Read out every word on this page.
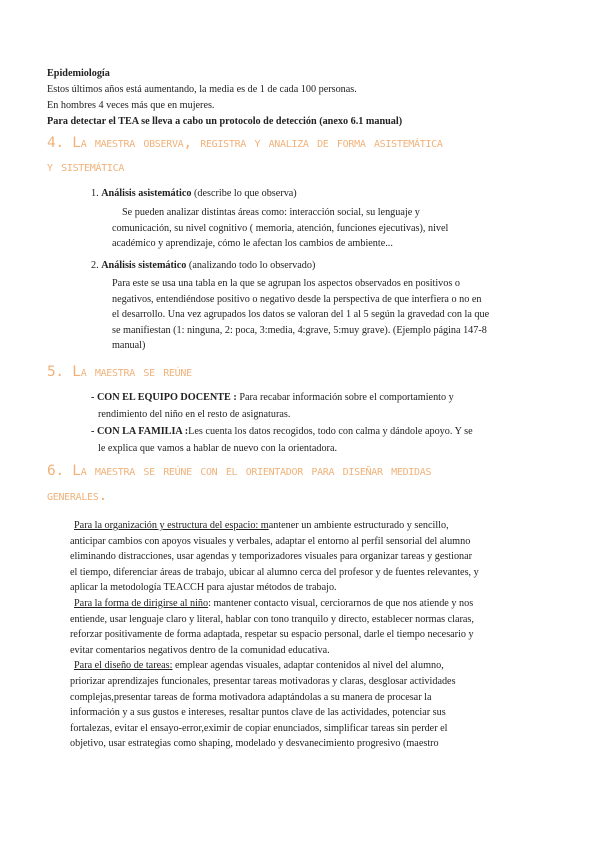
Epidemiología
Estos últimos años está aumentando, la media es de 1 de cada 100 personas.
En hombres 4 veces más que en mujeres.
Para detectar el TEA se lleva a cabo un protocolo de detección (anexo 6.1 manual)
4. La maestra observa, registra y analiza de forma asistemática
y sistemática
1. Análisis asistemático (describe lo que observa)
Se pueden analizar distintas áreas como: interacción social, su lenguaje y
comunicación, su nivel cognitivo ( memoria, atención, funciones ejecutivas), nivel
académico y aprendizaje, cómo le afectan los cambios de ambiente...
2. Análisis sistemático (analizando todo lo observado)
Para este se usa una tabla en la que se agrupan los aspectos observados en positivos o
negativos, entendiéndose positivo o negativo desde la perspectiva de que interfiera o no en
el desarrollo. Una vez agrupados los datos se valoran del 1 al 5 según la gravedad con la que
se manifiestan (1: ninguna, 2: poca, 3:media, 4:grave, 5:muy grave). (Ejemplo página 147-8
manual)
5. La maestra se reúne
- CON EL EQUIPO DOCENTE : Para recabar información sobre el comportamiento y
rendimiento del niño en el resto de asignaturas.
- CON LA FAMILIA :Les cuenta los datos recogidos, todo con calma y dándole apoyo. Y se
le explica que vamos a hablar de nuevo con la orientadora.
6. La maestra se reúne con el orientador para diseñar medidas
generales.
Para la organización y estructura del espacio: mantener un ambiente estructurado y sencillo,
anticipar cambios con apoyos visuales y verbales, adaptar el entorno al perfil sensorial del alumno
eliminando distracciones, usar agendas y temporizadores visuales para organizar tareas y gestionar
el tiempo, diferenciar áreas de trabajo, ubicar al alumno cerca del profesor y de fuentes relevantes, y
aplicar la metodología TEACCH para ajustar métodos de trabajo.
Para la forma de dirigirse al niño: mantener contacto visual, cerciorarnos de que nos atiende y nos
entiende, usar lenguaje claro y literal, hablar con tono tranquilo y directo, establecer normas claras,
reforzar positivamente de forma adaptada, respetar su espacio personal, darle el tiempo necesario y
evitar comentarios negativos dentro de la comunidad educativa.
Para el diseño de tareas: emplear agendas visuales, adaptar contenidos al nivel del alumno,
priorizar aprendizajes funcionales, presentar tareas motivadoras y claras, desglosar actividades
complejas,presentar tareas de forma motivadora adaptándolas a su manera de procesar la
información y a sus gustos e intereses, resaltar puntos clave de las actividades, potenciar sus
fortalezas, evitar el ensayo-error,eximir de copiar enunciados, simplificar tareas sin perder el
objetivo, usar estrategias como shaping, modelado y desvanecimiento progresivo (maestro
